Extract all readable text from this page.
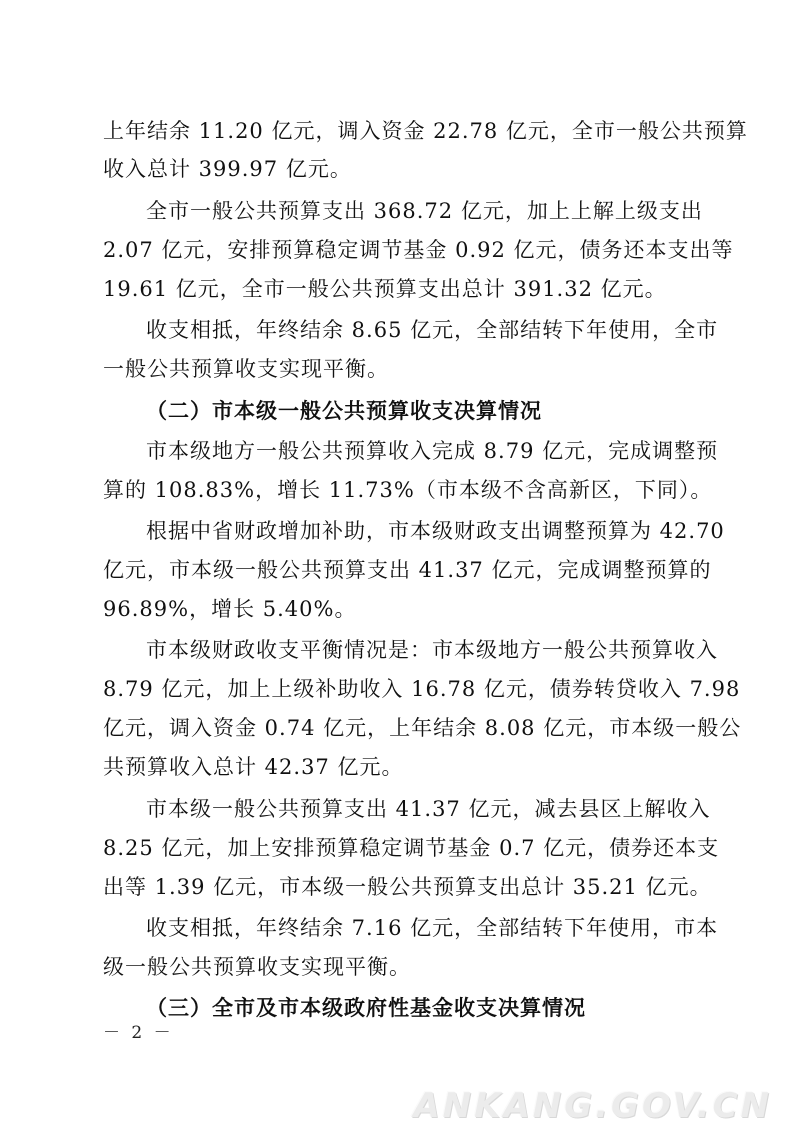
上年结余 11.20 亿元，调入资金 22.78 亿元，全市一般公共预算
收入总计 399.97 亿元。
全市一般公共预算支出 368.72 亿元，加上上解上级支出
2.07 亿元，安排预算稳定调节基金 0.92 亿元，债务还本支出等
19.61 亿元，全市一般公共预算支出总计 391.32 亿元。
收支相抵，年终结余 8.65 亿元，全部结转下年使用，全市
一般公共预算收支实现平衡。
（二）市本级一般公共预算收支决算情况
市本级地方一般公共预算收入完成 8.79 亿元，完成调整预
算的 108.83%，增长 11.73%（市本级不含高新区，下同）。
根据中省财政增加补助，市本级财政支出调整预算为 42.70
亿元，市本级一般公共预算支出 41.37 亿元，完成调整预算的
96.89%，增长 5.40%。
市本级财政收支平衡情况是：市本级地方一般公共预算收入
8.79 亿元，加上上级补助收入 16.78 亿元，债券转贷收入 7.98
亿元，调入资金 0.74 亿元，上年结余 8.08 亿元，市本级一般公
共预算收入总计 42.37 亿元。
市本级一般公共预算支出 41.37 亿元，减去县区上解收入
8.25 亿元，加上安排预算稳定调节基金 0.7 亿元，债券还本支
出等 1.39 亿元，市本级一般公共预算支出总计 35.21 亿元。
收支相抵，年终结余 7.16 亿元，全部结转下年使用，市本
级一般公共预算收支实现平衡。
（三）全市及市本级政府性基金收支决算情况
－ 2 －
ANKANG.GOV.CN
